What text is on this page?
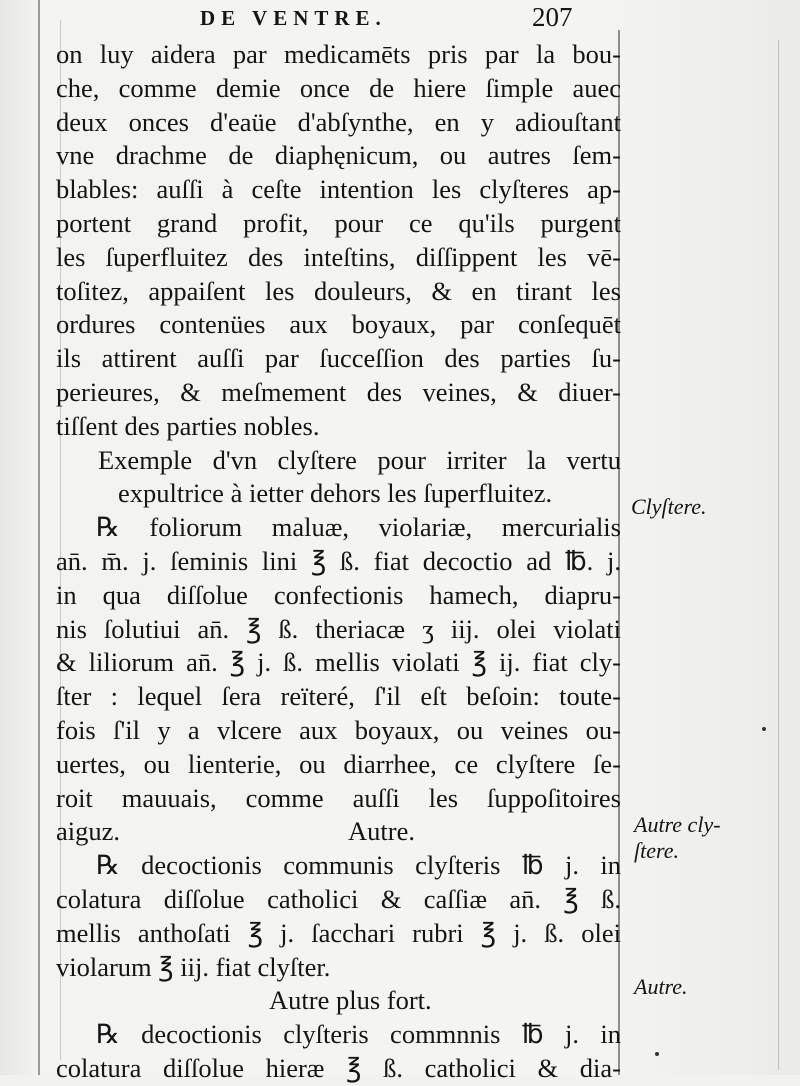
DE VENTRE.	207
on luy aidera par medicamēts pris par la bou-
che, comme demie once de hiere ſimple auec
deux onces d'eaüe d'abſynthe, en y adiouſtant
vne drachme de diaphęnicum, ou autres ſem-
blables: auſſi à ceſte intention les clyſteres ap-
portent grand profit, pour ce qu'ils purgent
les ſuperfluitez des inteſtins, diſſippent les vē-
toſitez, appaiſent les douleurs, & en tirant les
ordures contenües aux boyaux, par conſequēt
ils attirent auſſi par ſucceſſion des parties ſu-
perieures, & meſmement des veines, & diuer-
tiſſent des parties nobles.
Exemple d'vn clyſtere pour irriter la vertu
expultrice à ietter dehors les ſuperfluitez.
℞ foliorum maluæ, violariæ, mercurialis
an̄. m̄. j. ſeminis lini ℥ ß. fiat decoctio ad ℔. j.
in qua diſſolue confectionis hamech, diapru-
nis ſolutiui an̄. ℥ ß. theriacæ ʒ iij. olei violati
& liliorum an̄. ℥ j. ß. mellis violati ℥ ij. fiat cly-
ſter : lequel ſera reïteré, ſ'il eſt beſoin: toute-
fois ſ'il y a vlcere aux boyaux, ou veines ou-
uertes, ou lienterie, ou diarrhee, ce clyſtere ſe-
roit mauuais, comme auſſi les ſuppoſitoires
aiguz.	Autre.
℞ decoctionis communis clyſteris ℔ j. in
colatura diſſolue catholici & caſſiæ an̄. ℥ ß.
mellis anthoſati ℥ j. ſacchari rubri ℥ j. ß. olei
violarum ℥ iij. fiat clyſter.
Autre plus fort.
℞ decoctionis clyſteris commnnis ℔ j. in
colatura diſſolue hieræ ℥ ß. catholici & dia-
Clyſtere.
Autre cly-
ſtere.
Autre.
